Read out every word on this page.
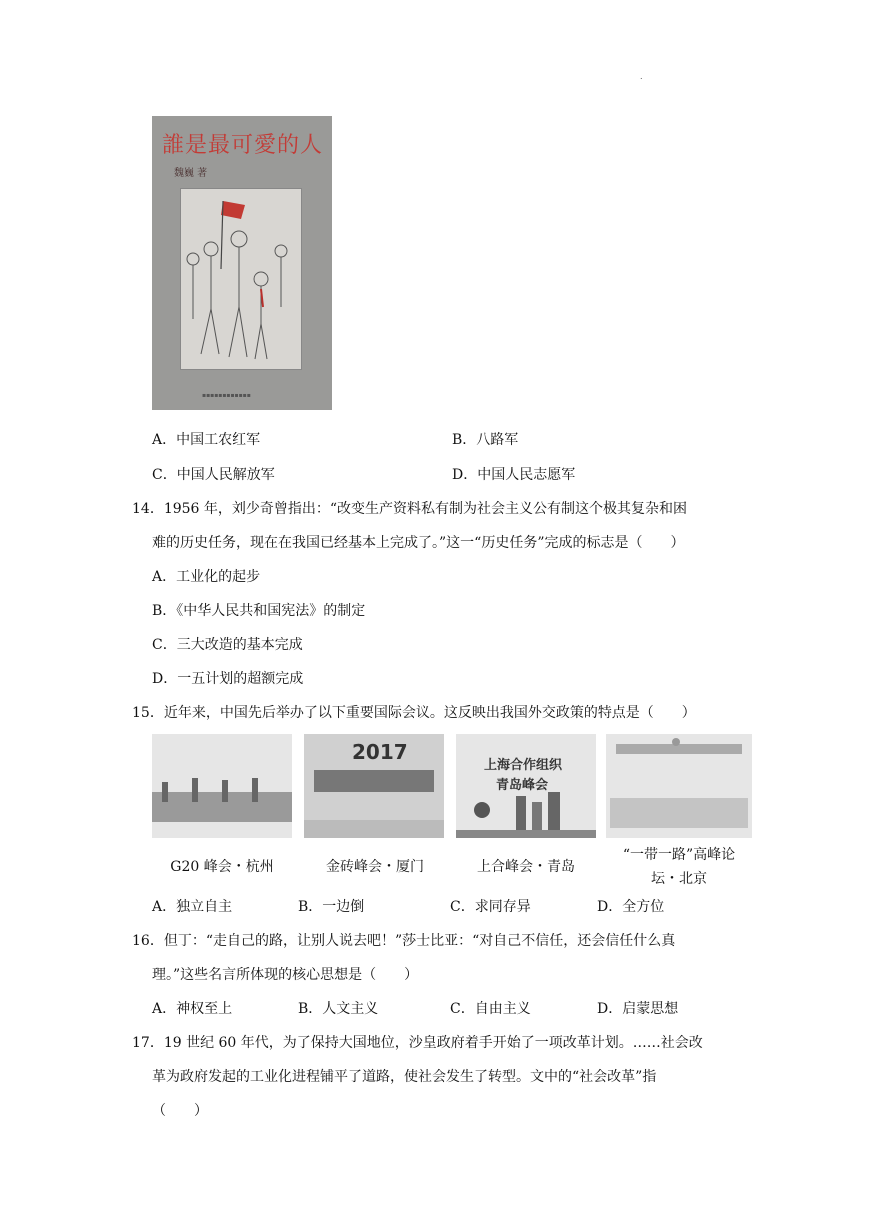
.
誰是最可愛的人
魏巍 著
▪▪▪▪▪▪▪▪▪▪▪▪
A．中国工农红军	B．八路军
C．中国人民解放军	D．中国人民志愿军
14．1956 年，刘少奇曾指出：“改变生产资料私有制为社会主义公有制这个极其复杂和困
难的历史任务，现在在我国已经基本上完成了。”这一“历史任务”完成的标志是（　　）
A．工业化的起步
B．《中华人民共和国宪法》的制定
C．三大改造的基本完成
D．一五计划的超额完成
15．近年来，中国先后举办了以下重要国际会议。这反映出我国外交政策的特点是（　　）
2017
上海合作组织
青岛峰会
G20 峰会・杭州	金砖峰会・厦门	上合峰会・青岛
“一带一路”高峰论
坛・北京
A．独立自主	B．一边倒	C．求同存异	D．全方位
16．但丁：“走自己的路，让别人说去吧！”莎士比亚：“对自己不信任，还会信任什么真
理。”这些名言所体现的核心思想是（　　）
A．神权至上	B．人文主义	C．自由主义	D．启蒙思想
17．19 世纪 60 年代，为了保持大国地位，沙皇政府着手开始了一项改革计划。……社会改
革为政府发起的工业化进程铺平了道路，使社会发生了转型。文中的“社会改革”指
（　　）
